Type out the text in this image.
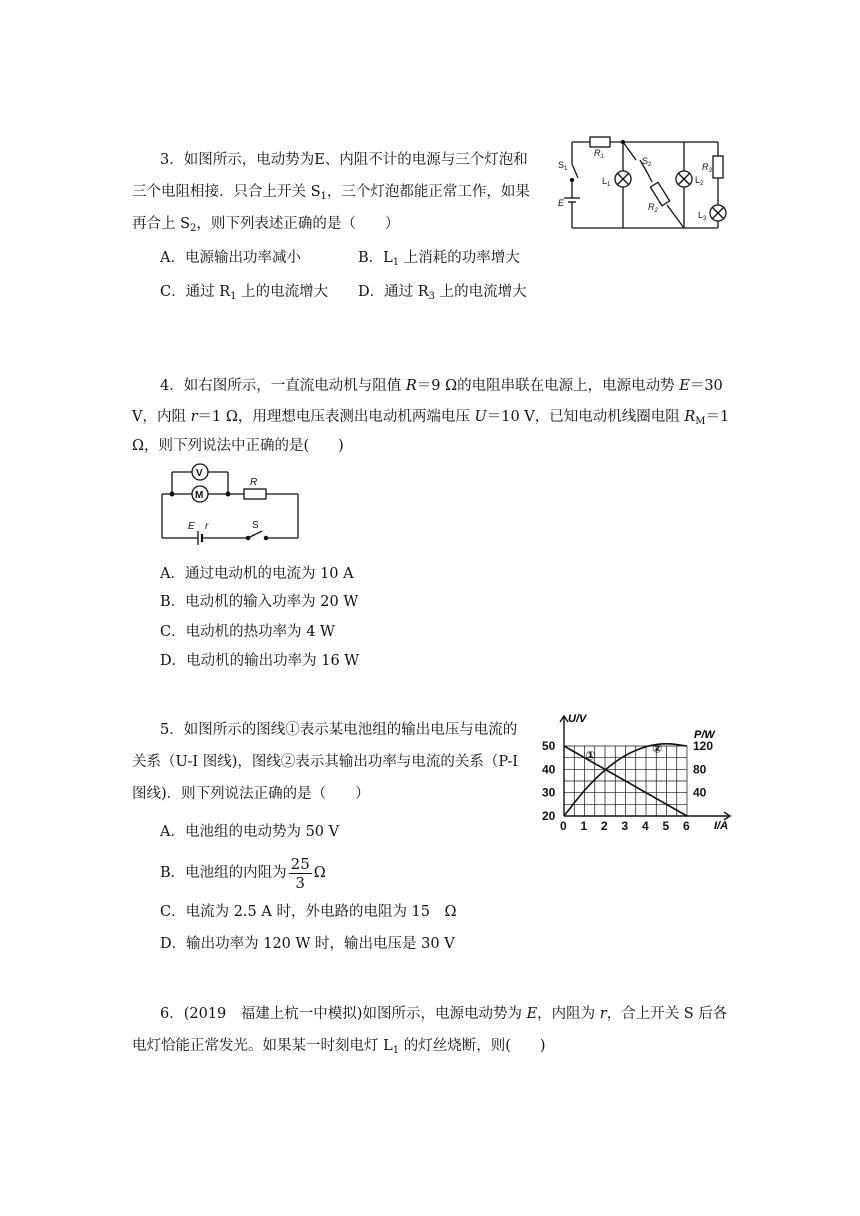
3．如图所示，电动势为E、内阻不计的电源与三个灯泡和
三个电阻相接．只合上开关 $S_1$，三个灯泡都能正常工作，如果
再合上 $S_2$，则下列表述正确的是（　　）
A．电源输出功率减小	B．$L_1$ 上消耗的功率增大
C．通过 $R_1$ 上的电流增大 D．通过 $R_3$ 上的电流增大
$R_1$
$S_1$
E
$L_1$
$S_2$
$R_2$
$L_2$
$R_3$
$L_3$
4．如右图所示，一直流电动机与阻值 R＝9 Ω的电阻串联在电源上，电源电动势 E＝30
V，内阻 r＝1 Ω，用理想电压表测出电动机两端电压 U＝10 V，已知电动机线圈电阻 $R_M=1$
Ω，则下列说法中正确的是(　　)
V
M
R
E r	S
A．通过电动机的电流为 10 A
B．电动机的输入功率为 20 W
C．电动机的热功率为 4 W
D．电动机的输出功率为 16 W
5．如图所示的图线①表示某电池组的输出电压与电流的
关系（U-I 图线)，图线②表示其输出功率与电流的关系（P-I
图线)．则下列说法正确的是（　　）
A．电池组的电动势为 50 V
B．电池组的内阻为 $\frac{25}{3}$ Ω
C．电流为 2.5 A 时，外电路的电阻为 15　Ω
D．输出功率为 120 W 时，输出电压是 30 V
0 1 2 3 4 5 6
20
30
40
50
40
80
120
①	②
U/V
P/W
I/A
6．(2019　福建上杭一中模拟)如图所示，电源电动势为 E，内阻为 r，合上开关 S 后各
电灯恰能正常发光。如果某一时刻电灯 $L_1$ 的灯丝烧断，则(　　)
